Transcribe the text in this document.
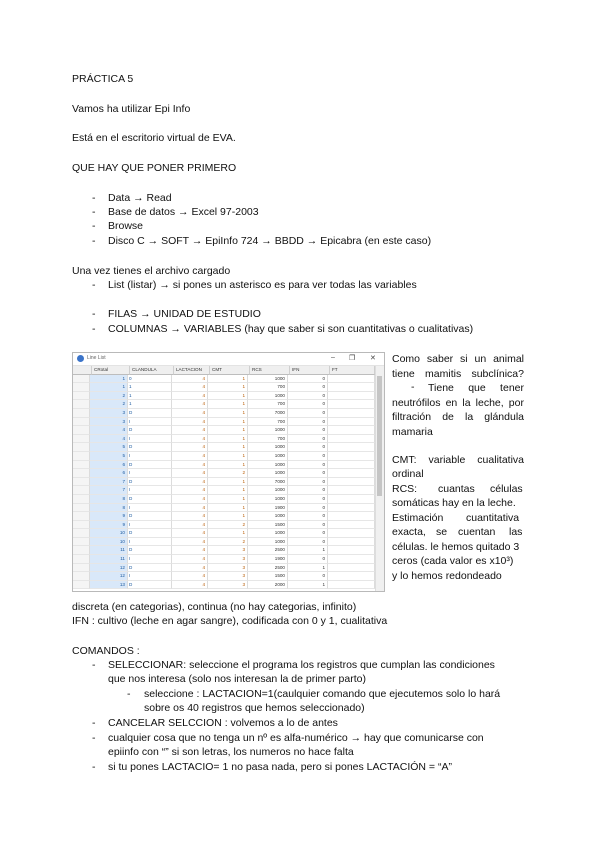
PRÁCTICA 5
Vamos ha utilizar Epi Info
Está en el escritorio virtual de EVA.
QUE HAY QUE PONER PRIMERO
- Data → Read
- Base de datos → Excel 97-2003
- Browse
- Disco C → SOFT → EpiInfo 724 → BBDD → Epicabra (en este caso)
Una vez tienes el archivo cargado
- List (listar) → si pones un asterisco es para ver todas las variables
- FILAS → UNIDAD DE ESTUDIO
- COLUMNAS → VARIABLES (hay que saber si son cuantitativas o cualitativas)
Line List	– ❐ ✕
CRotal	CLANDULA	LACTACION	CMT	RCS	IFN	FT
1 0	4	1	1000	0
1 1	4	1	700	0
2 1	4	1	1000	0
2 1	4	1	700	0
3 D	4	1	7000	0
3 I	4	1	700	0
4 D	4	1	1000	0
4 I	4	1	700	0
5 D	4	1	1000	0
5 I	4	1	1000	0
6 D	4	1	1000	0
6 I	4	2	1000	0
7 D	4	1	7000	0
7 I	4	1	1000	0
8 D	4	1	1000	0
8 I	4	1	1900	0
9 D	4	1	1000	0
9 I	4	2	1500	0
10 D	4	1	1000	0
10 I	4	2	1000	0
11 D	4	3	2500	1
11 I	4	3	1900	0
12 D	4	3	2500	1
12 I	4	3	1500	0
13 D	4	3	2000	1
Como saber si un animal tiene mamitis subclínica?
-	Tiene que tener neutrófilos en la leche, por filtración de la glándula mamaria
CMT: variable cualitativa
ordinal
RCS: cuantas células
somáticas hay en la leche.
Estimación cuantitativa
exacta, se cuentan las
células. le hemos quitado 3
ceros (cada valor es x10³)
y lo hemos redondeado
discreta (en categorias), continua (no hay categorias, infinito)
IFN : cultivo (leche en agar sangre), codificada con 0 y 1, cualitativa
COMANDOS :
- SELECCIONAR: seleccione el programa los registros que cumplan las condiciones
que nos interesa (solo nos interesan la de primer parto)
- seleccione : LACTACION=1(caulquier comando que ejecutemos solo lo hará
sobre os 40 registros que hemos seleccionado)
- CANCELAR SELCCION : volvemos a lo de antes
- cualquier cosa que no tenga un nº es alfa-numérico → hay que comunicarse con
epiinfo con “” si son letras, los numeros no hace falta
- si tu pones LACTACIO= 1 no pasa nada, pero si pones LACTACIÓN = “A”
